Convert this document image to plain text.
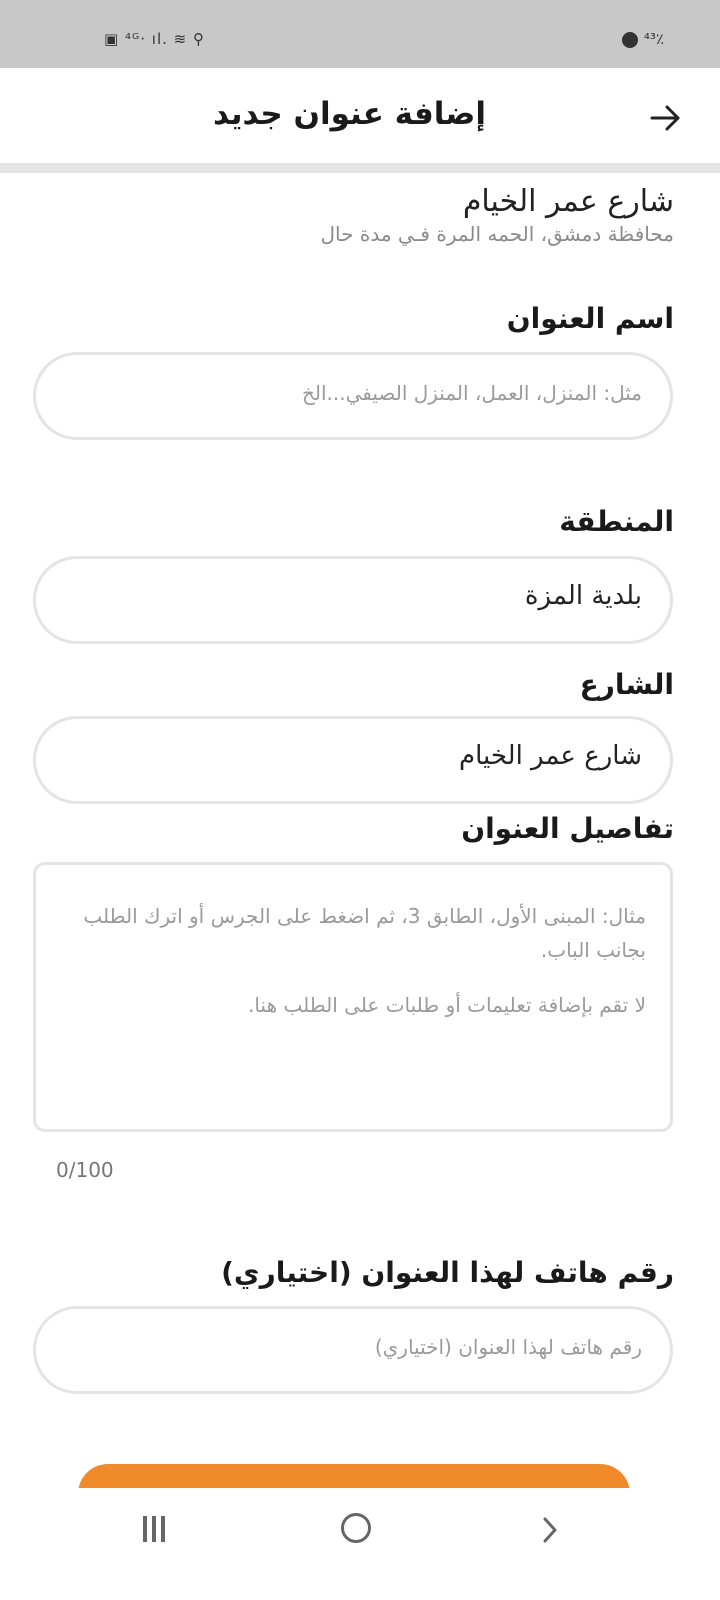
▣ ⁴ᴳ· ıl. ≋ ⚲	⁴³٪
إضافة عنوان جديد
شارع عمر الخيام
محافظة دمشق، الحمه المرة فـي مدة حال
اسم العنوان
مثل: المنزل، العمل، المنزل الصيفي...الخ
المنطقة
بلدية المزة
الشارع
شارع عمر الخيام
تفاصيل العنوان
مثال: المبنى الأول، الطابق 3، ثم اضغط على الجرس أو اترك الطلب بجانب الباب.
لا تقم بإضافة تعليمات أو طلبات على الطلب هنا.
0/100
رقم هاتف لهذا العنوان (اختياري)
رقم هاتف لهذا العنوان (اختياري)
